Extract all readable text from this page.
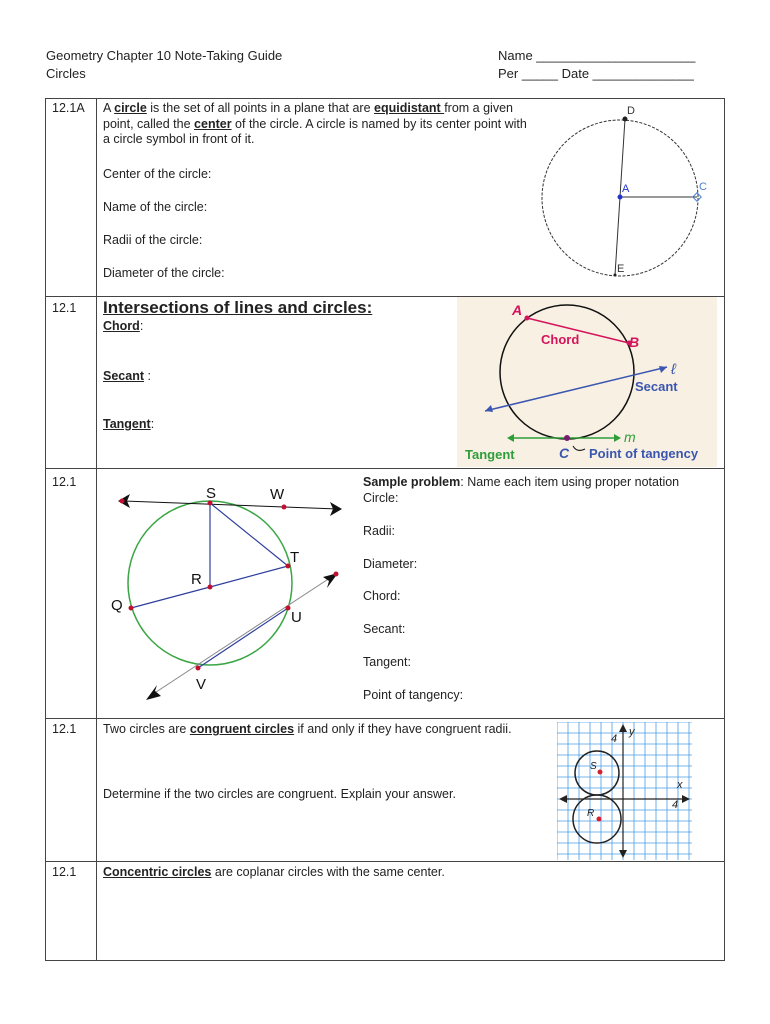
Geometry Chapter 10 Note-Taking Guide
Circles
Name ______________________
Per _____ Date ______________
12.1A A circle is the set of all points in a plane that are equidistant from a given point, called the center of the circle. A circle is named by its center point with a circle symbol in front of it.
Center of the circle:
Name of the circle:
Radii of the circle:
Diameter of the circle:
D
A	C
E
12.1 Intersections of lines and circles:
Chord:
Secant :
Tangent:
A
Chord	B
ℓ
Secant
m
Tangent	C Point of tangency
12.1	Sample problem: Name each item using proper notation
Circle:
Radii:
Diameter:
Chord:
Secant:
Tangent:
Point of tangency:
S	W
T
R
Q
U
V
12.1 Two circles are congruent circles if and only if they have congruent radii.
Determine if the two circles are congruent. Explain your answer.
y
4
x
4
S
R
12.1 Concentric circles are coplanar circles with the same center.
